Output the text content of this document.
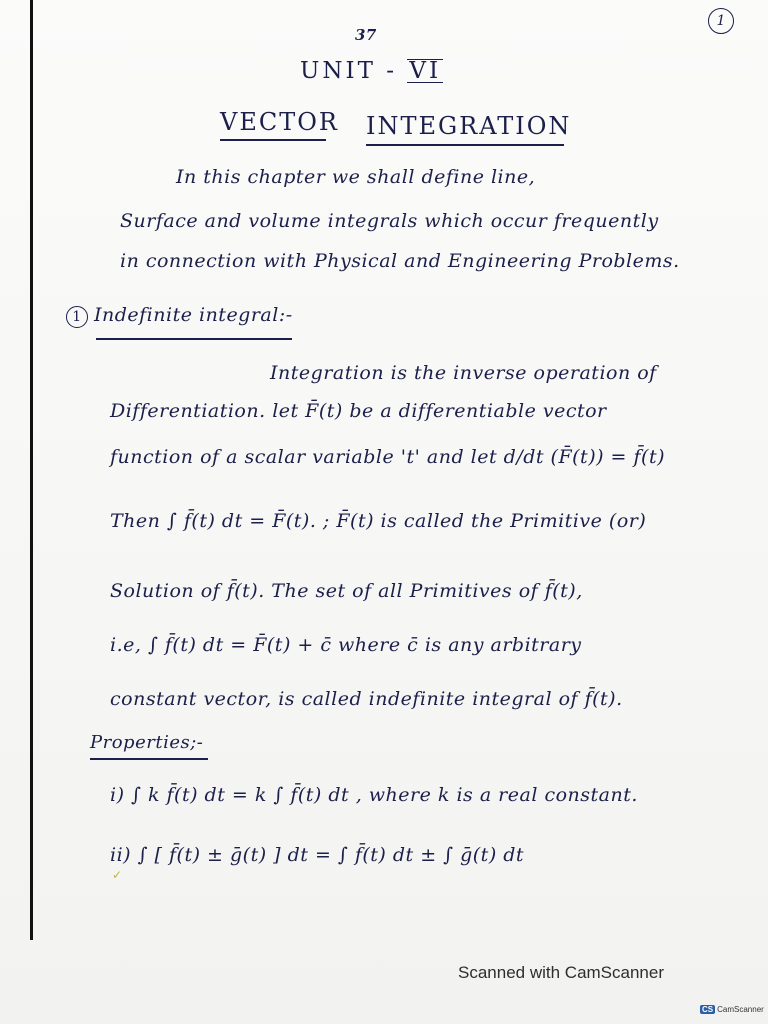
1
37
UNIT - VI
VECTOR INTEGRATION
In this chapter we shall define line,
Surface and volume integrals which occur frequently
in connection with Physical and Engineering Problems.
1 Indefinite integral:-
Integration is the inverse operation of
Differentiation. let F̄(t) be a differentiable vector
function of a scalar variable 't' and let d/dt (F̄(t)) = f̄(t)
Then ∫ f̄(t) dt = F̄(t). ; F̄(t) is called the Primitive (or)
Solution of f̄(t). The set of all Primitives of f̄(t),
i.e, ∫ f̄(t) dt = F̄(t) + c̄ where c̄ is any arbitrary
constant vector, is called indefinite integral of f̄(t).
Properties;-
i) ∫ k f̄(t) dt = k ∫ f̄(t) dt , where k is a real constant.
ii) ∫ [ f̄(t) ± ḡ(t) ] dt = ∫ f̄(t) dt ± ∫ ḡ(t) dt
✓
Scanned with CamScanner
CS CamScanner
